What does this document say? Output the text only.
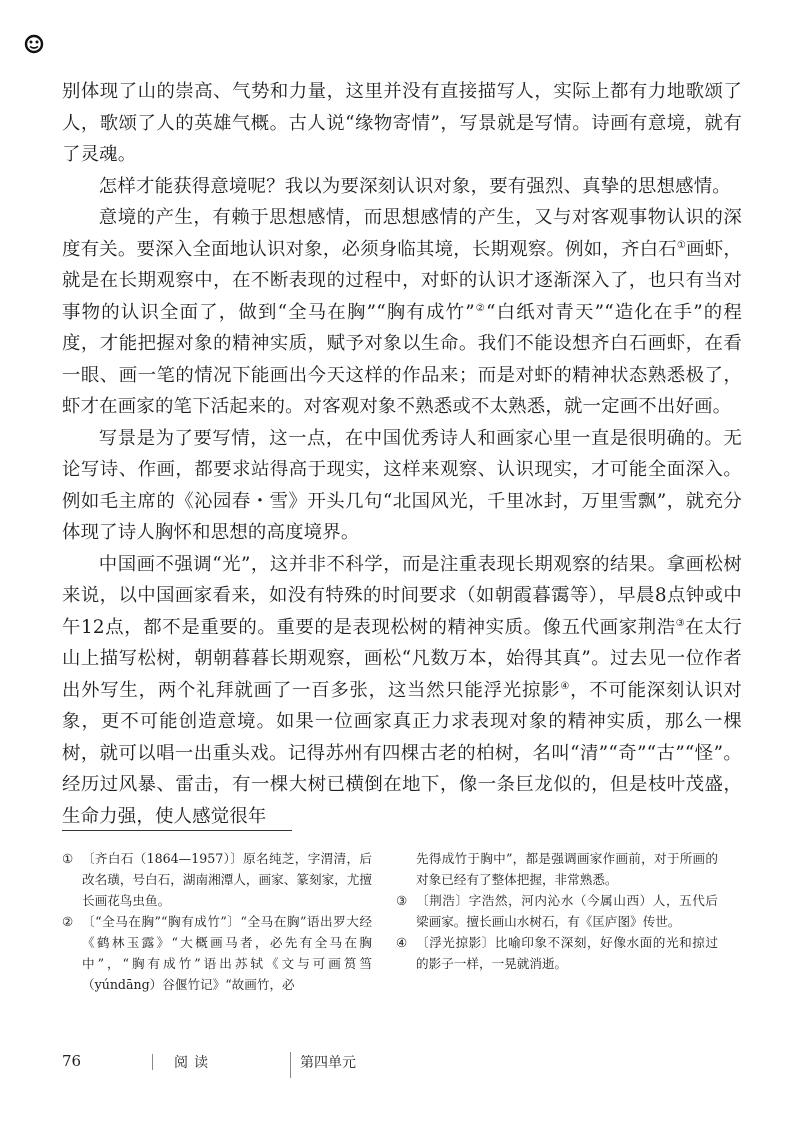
别体现了山的崇高、气势和力量，这里并没有直接描写人，实际上都有力地歌颂了人，歌颂了人的英雄气概。古人说“缘物寄情”，写景就是写情。诗画有意境，就有了灵魂。

怎样才能获得意境呢？我以为要深刻认识对象，要有强烈、真挚的思想感情。

意境的产生，有赖于思想感情，而思想感情的产生，又与对客观事物认识的深度有关。要深入全面地认识对象，必须身临其境，长期观察。例如，齐白石①画虾，就是在长期观察中，在不断表现的过程中，对虾的认识才逐渐深入了，也只有当对事物的认识全面了，做到“全马在胸”“胸有成竹”②“白纸对青天”“造化在手”的程度，才能把握对象的精神实质，赋予对象以生命。我们不能设想齐白石画虾，在看一眼、画一笔的情况下能画出今天这样的作品来；而是对虾的精神状态熟悉极了，虾才在画家的笔下活起来的。对客观对象不熟悉或不太熟悉，就一定画不出好画。

写景是为了要写情，这一点，在中国优秀诗人和画家心里一直是很明确的。无论写诗、作画，都要求站得高于现实，这样来观察、认识现实，才可能全面深入。例如毛主席的《沁园春・雪》开头几句“北国风光，千里冰封，万里雪飘”，就充分体现了诗人胸怀和思想的高度境界。

中国画不强调“光”，这并非不科学，而是注重表现长期观察的结果。拿画松树来说，以中国画家看来，如没有特殊的时间要求（如朝霞暮霭等），早晨8点钟或中午12点，都不是重要的。重要的是表现松树的精神实质。像五代画家荆浩③在太行山上描写松树，朝朝暮暮长期观察，画松“凡数万本，始得其真”。过去见一位作者出外写生，两个礼拜就画了一百多张，这当然只能浮光掠影④，不可能深刻认识对象，更不可能创造意境。如果一位画家真正力求表现对象的精神实质，那么一棵树，就可以唱一出重头戏。记得苏州有四棵古老的柏树，名叫“清”“奇”“古”“怪”。经历过风暴、雷击，有一棵大树已横倒在地下，像一条巨龙似的，但是枝叶茂盛，生命力强，使人感觉很年

① 〔齐白石（1864—1957）〕原名纯芝，字渭清，后改名璜，号白石，湖南湘潭人，画家、篆刻家，尤擅长画花鸟虫鱼。
② 〔“全马在胸”“胸有成竹”〕“全马在胸”语出罗大经《鹤林玉露》“大概画马者，必先有全马在胸中”，“胸有成竹”语出苏轼《文与可画筼筜（yúndāng）谷偃竹记》“故画竹，必

先得成竹于胸中”，都是强调画家作画前，对于所画的对象已经有了整体把握，非常熟悉。

③ 〔荆浩〕字浩然，河内沁水（今属山西）人，五代后梁画家。擅长画山水树石，有《匡庐图》传世。
④ 〔浮光掠影〕比喻印象不深刻，好像水面的光和掠过的影子一样，一晃就消逝。
76	阅读	第四单元
